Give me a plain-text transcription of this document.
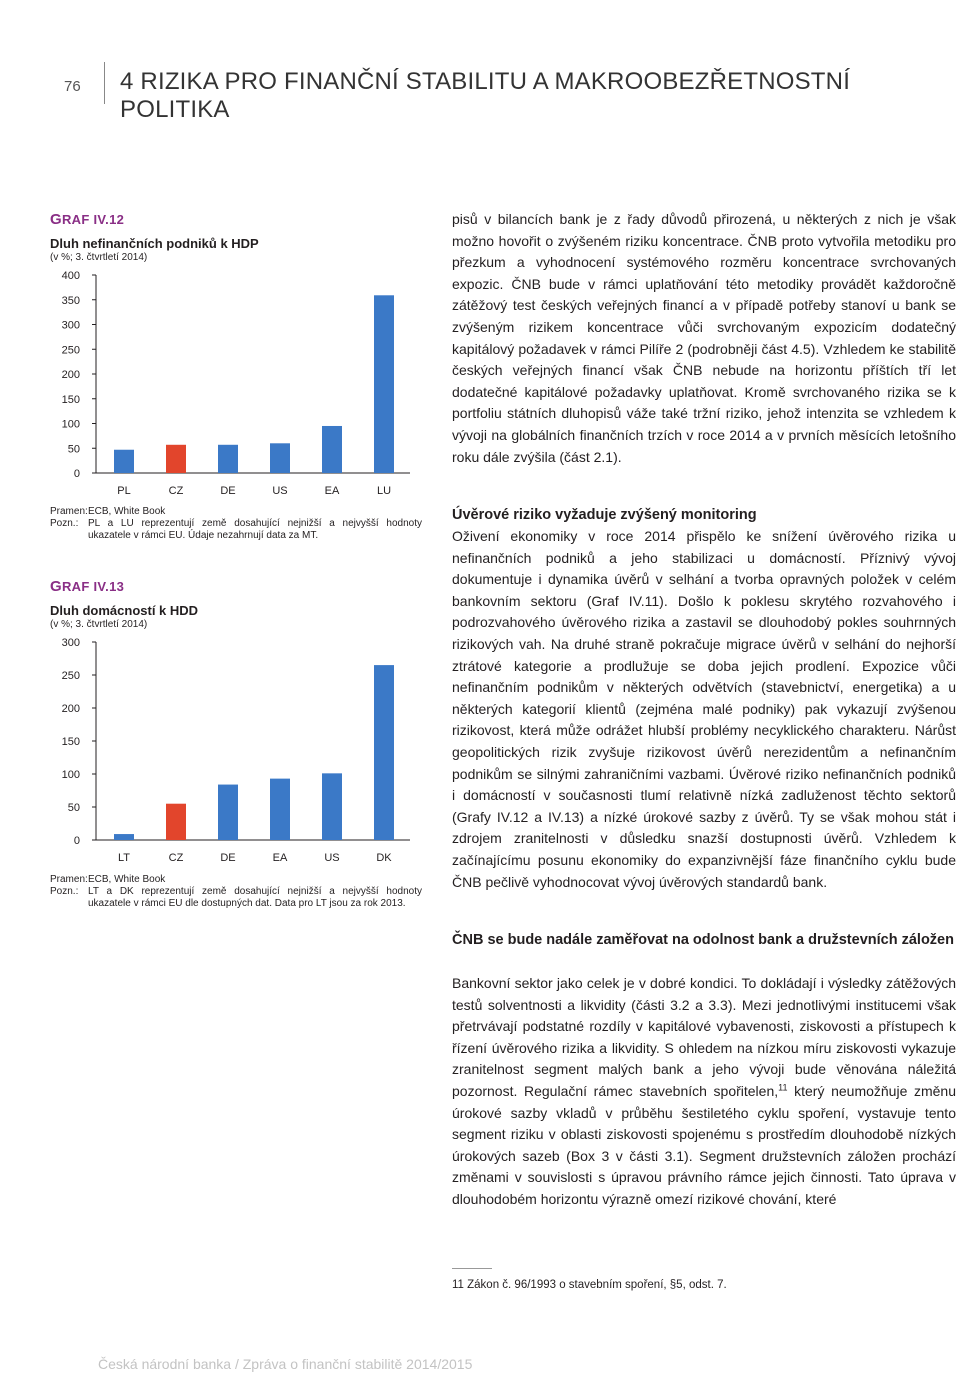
76 4 RIZIKA PRO FINANČNÍ STABILITU A MAKROOBEZŘETNOSTNÍ POLITIKA
GRAF IV.12
Dluh nefinančních podniků k HDP
(v %; 3. čtvrtletí 2014)
0
50
100
150
200
250
300
350
400
PL	CZ	DE	US	EA	LU
Pramen:ECB, White Book
Pozn.: PL a LU reprezentují země dosahující nejnižší a nejvyšší hodnoty ukazatele v rámci EU. Údaje nezahrnují data za MT.
GRAF IV.13
Dluh domácností k HDD
(v %; 3. čtvrtletí 2014)
0
50
100
150
200
250
300
LT	CZ	DE	EA	US	DK
Pramen:ECB, White Book
Pozn.: LT a DK reprezentují země dosahující nejnižší a nejvyšší hodnoty ukazatele v rámci EU dle dostupných dat. Data pro LT jsou za rok 2013.
pisů v bilancích bank je z řady důvodů přirozená, u některých z nich je však možno hovořit o zvýšeném riziku koncentrace. ČNB proto vytvořila metodiku pro přezkum a vyhodnocení systémového rozměru koncentrace svrchovaných expozic. ČNB bude v rámci uplatňování této metodiky provádět každoročně zátěžový test českých veřejných financí a v případě potřeby stanoví u bank se zvýšeným rizikem koncentrace vůči svrchovaným expozicím dodatečný kapitálový požadavek v rámci Pilíře 2 (podrobněji část 4.5). Vzhledem ke stabilitě českých veřejných financí však ČNB nebude na horizontu příštích tří let dodatečné kapitálové požadavky uplatňovat. Kromě svrchovaného rizika se k portfoliu státních dluhopisů váže také tržní riziko, jehož intenzita se vzhledem k vývoji na globálních finančních trzích v roce 2014 a v prvních měsících letošního roku dále zvýšila (část 2.1).
Úvěrové riziko vyžaduje zvýšený monitoring
Oživení ekonomiky v roce 2014 přispělo ke snížení úvěrového rizika u nefinančních podniků a jeho stabilizaci u domácností. Příznivý vývoj dokumentuje i dynamika úvěrů v selhání a tvorba opravných položek v celém bankovním sektoru (Graf IV.11). Došlo k poklesu skrytého rozvahového i podrozvahového úvěrového rizika a zastavil se dlouhodobý pokles souhrnných rizikových vah. Na druhé straně pokračuje migrace úvěrů v selhání do nejhorší ztrátové kategorie a prodlužuje se doba jejich prodlení. Expozice vůči nefinančním podnikům v některých odvětvích (stavebnictví, energetika) a u některých kategorií klientů (zejména malé podniky) pak vykazují zvýšenou rizikovost, která může odrážet hlubší problémy necyklického charakteru. Nárůst geopolitických rizik zvyšuje rizikovost úvěrů nerezidentům a nefinančním podnikům se silnými zahraničními vazbami. Úvěrové riziko nefinančních podniků i domácností v současnosti tlumí relativně nízká zadluženost těchto sektorů (Grafy IV.12 a IV.13) a nízké úrokové sazby z úvěrů. Ty se však mohou stát i zdrojem zranitelnosti v důsledku snazší dostupnosti úvěrů. Vzhledem k začínajícímu posunu ekonomiky do expanzivnější fáze finančního cyklu bude ČNB pečlivě vyhodnocovat vývoj úvěrových standardů bank.
ČNB se bude nadále zaměřovat na odolnost bank a družstevních záložen
Bankovní sektor jako celek je v dobré kondici. To dokládají i výsledky zátěžových testů solventnosti a likvidity (části 3.2 a 3.3). Mezi jednotlivými institucemi však přetrvávají podstatné rozdíly v kapitálové vybavenosti, ziskovosti a přístupech k řízení úvěrového rizika a likvidity. S ohledem na nízkou míru ziskovosti vykazuje zranitelnost segment malých bank a jeho vývoji bude věnována náležitá pozornost. Regulační rámec stavebních spořitelen,$^{11}$ který neumožňuje změnu úrokové sazby vkladů v průběhu šestiletého cyklu spoření, vystavuje tento segment riziku v oblasti ziskovosti spojenému s prostředím dlouhodobě nízkých úrokových sazeb (Box 3 v části 3.1). Segment družstevních záložen prochází změnami v souvislosti s úpravou právního rámce jejich činnosti. Tato úprava v dlouhodobém horizontu výrazně omezí rizikové chování, které
11 Zákon č. 96/1993 o stavebním spoření, §5, odst. 7.
Česká národní banka / Zpráva o finanční stabilitě 2014/2015
